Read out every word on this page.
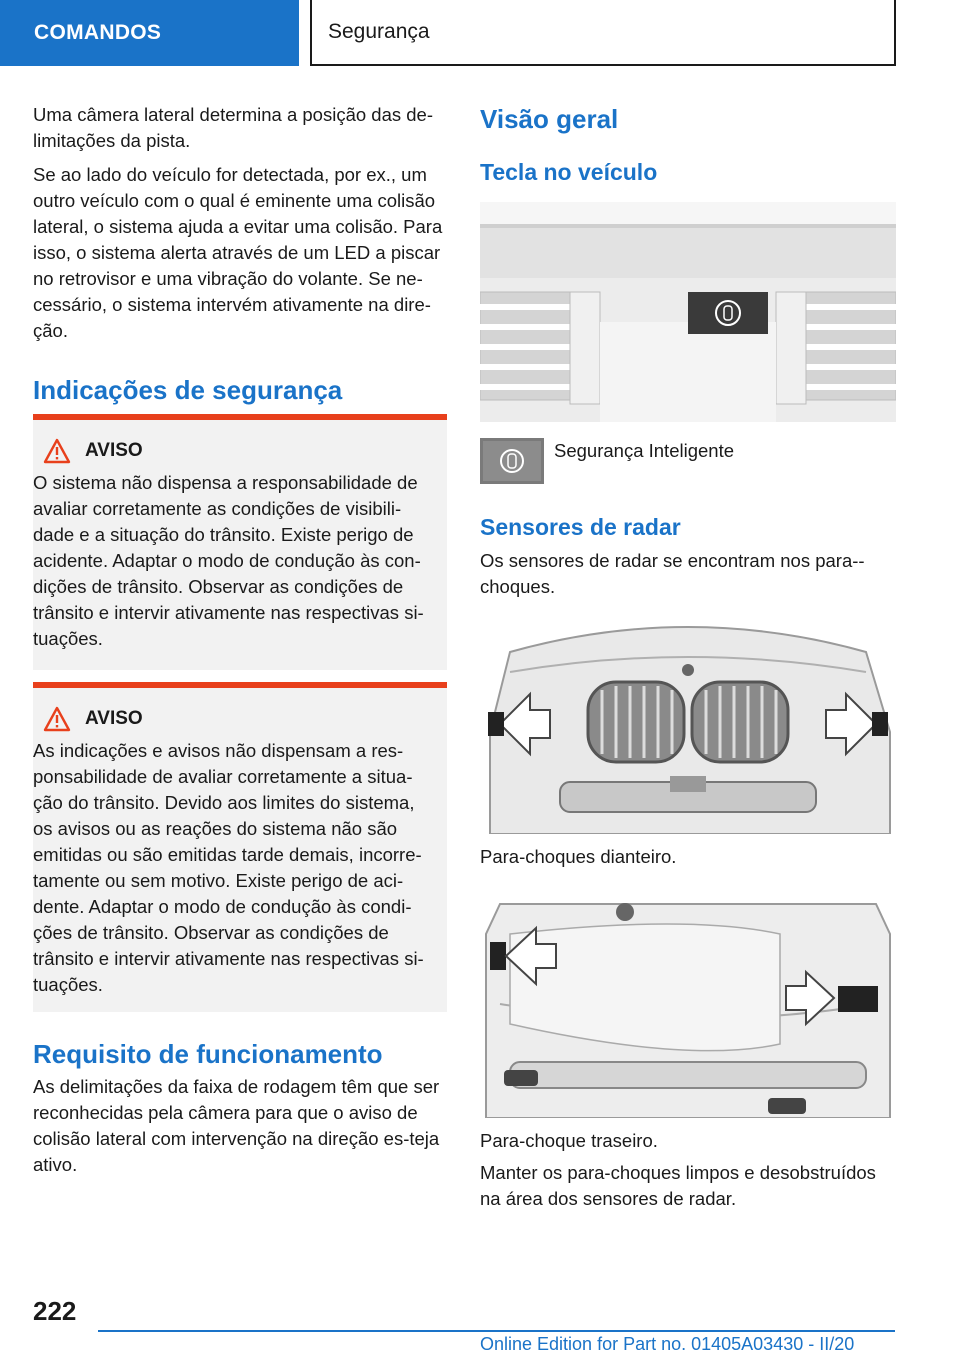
COMANDOS	Segurança

Uma câmera lateral determina a posição das de-limitações da pista.

Se ao lado do veículo for detectada, por ex., um outro veículo com o qual é eminente uma colisão lateral, o sistema ajuda a evitar uma colisão. Para isso, o sistema alerta através de um LED a piscar no retrovisor e uma vibração do volante. Se ne-cessário, o sistema intervém ativamente na dire-ção.

Indicações de segurança
AVISO

O sistema não dispensa a responsabilidade de avaliar corretamente as condições de visibili-dade e a situação do trânsito. Existe perigo de acidente. Adaptar o modo de condução às con-dições de trânsito. Observar as condições de trânsito e intervir ativamente nas respectivas si-tuações.

AVISO

As indicações e avisos não dispensam a res-ponsabilidade de avaliar corretamente a situa-ção do trânsito. Devido aos limites do sistema, os avisos ou as reações do sistema não são emitidas ou são emitidas tarde demais, incorre-tamente ou sem motivo. Existe perigo de aci-dente. Adaptar o modo de condução às condi-ções de trânsito. Observar as condições de trânsito e intervir ativamente nas respectivas si-tuações.

Requisito de funcionamento

As delimitações da faixa de rodagem têm que ser reconhecidas pela câmera para que o aviso de colisão lateral com intervenção na direção es-teja ativo.

Visão geral
Tecla no veículo

Segurança Inteligente

Sensores de radar

Os sensores de radar se encontram nos para--choques.

Para-choques dianteiro.

Para-choque traseiro.

Manter os para-choques limpos e desobstruídos na área dos sensores de radar.

222
Online Edition for Part no. 01405A03430 - II/20
